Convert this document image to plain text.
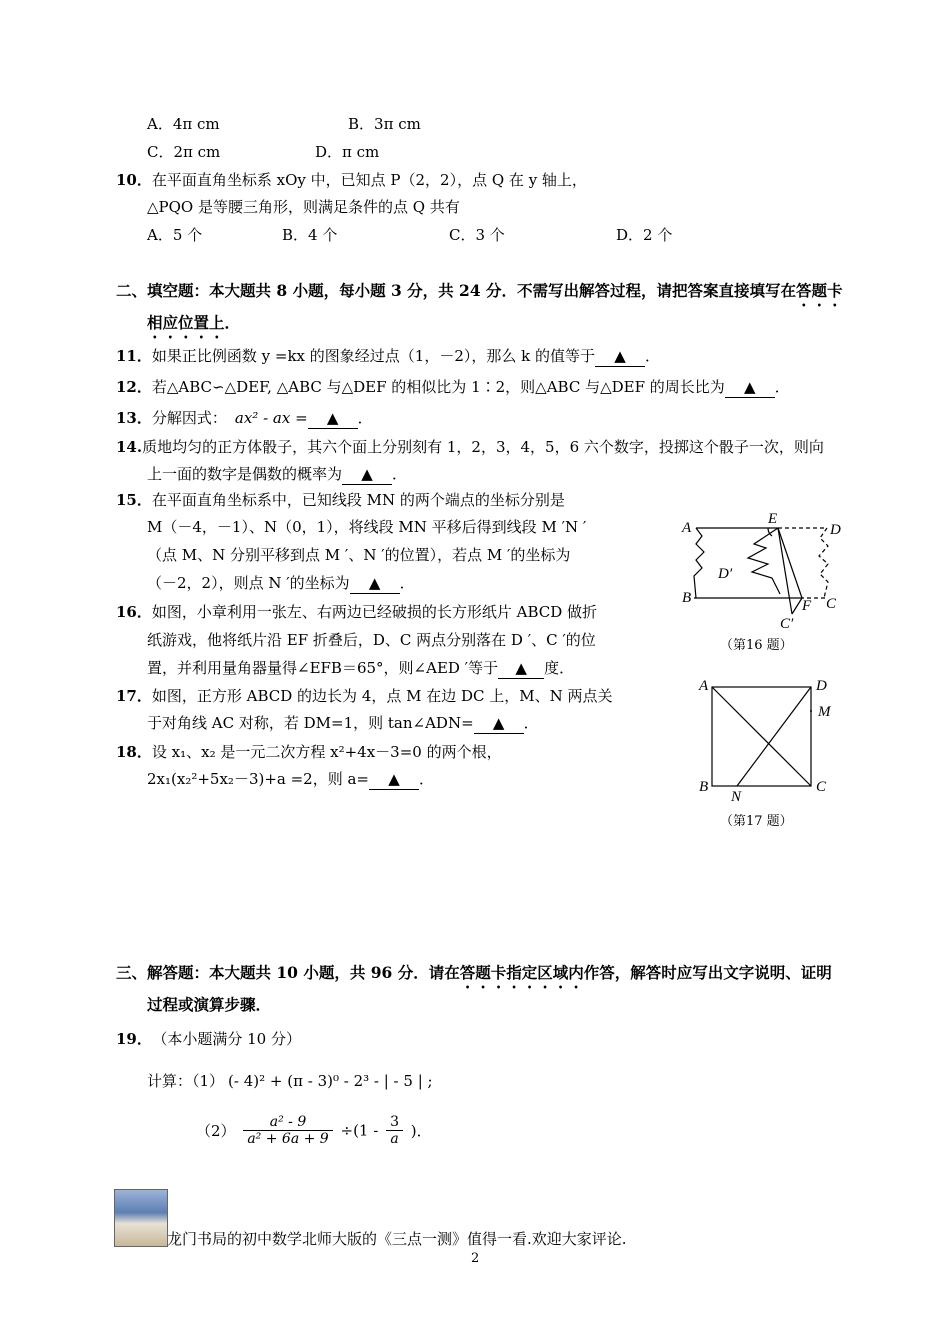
A．4π cm	B．3π cm
C．2π cm	D．π cm
10．在平面直角坐标系 xOy 中，已知点 P（2，2），点 Q 在 y 轴上，
△PQO 是等腰三角形，则满足条件的点 Q 共有
A．5 个	B．4 个	C．3 个	D．2 个
二、填空题：本大题共 8 小题，每小题 3 分，共 24 分．不需写出解答过程，请把答案直接填写在答题卡
相应位置上．
11．如果正比例函数 y =kx 的图象经过点（1，－2），那么 k 的值等于 ▲ ．
12．若△ABC∽△DEF, △ABC 与△DEF 的相似比为 1∶2，则△ABC 与△DEF 的周长比为 ▲ ．
13．分解因式： ax² - ax = ▲ ．
14.质地均匀的正方体骰子，其六个面上分别刻有 1，2，3，4，5，6 六个数字，投掷这个骰子一次，则向
上一面的数字是偶数的概率为 ▲ ．
15．在平面直角坐标系中，已知线段 MN 的两个端点的坐标分别是
M（－4，－1）、N（0，1），将线段 MN 平移后得到线段 M ′N ′
（点 M、N 分别平移到点 M ′、N ′的位置），若点 M ′的坐标为
（－2，2），则点 N ′的坐标为 ▲ ．
16．如图，小章利用一张左、右两边已经破损的长方形纸片 ABCD 做折
纸游戏，他将纸片沿 EF 折叠后，D、C 两点分别落在 D ′、C ′的位
置，并利用量角器量得∠EFB＝65°，则∠AED ′等于 ▲ 度．
17．如图，正方形 ABCD 的边长为 4，点 M 在边 DC 上，M、N 两点关
于对角线 AC 对称，若 DM=1，则 tan∠ADN= ▲ ．
18．设 x₁、x₂ 是一元二次方程 x²+4x－3=0 的两个根，
2x₁(x₂²+5x₂－3)+a =2，则 a= ▲ ．
A
E
D
D′
B	F C
C′
（第16 题）
A	D
M
B	C
N
（第17 题）
三、解答题：本大题共 10 小题，共 96 分．请在答题卡指定区域内作答，解答时应写出文字说明、证明
过程或演算步骤．
19． （本小题满分 10 分）
计算：（1） (- 4)² + (π - 3)⁰ - 2³ - | - 5 | ;
$(2) \frac{\text{a² - 9}}{\text{a² + 6a + 9}} \div(1 - \frac{3}{a}$ )．
龙门书局的初中数学北师大版的《三点一测》值得一看.欢迎大家评论.
2
